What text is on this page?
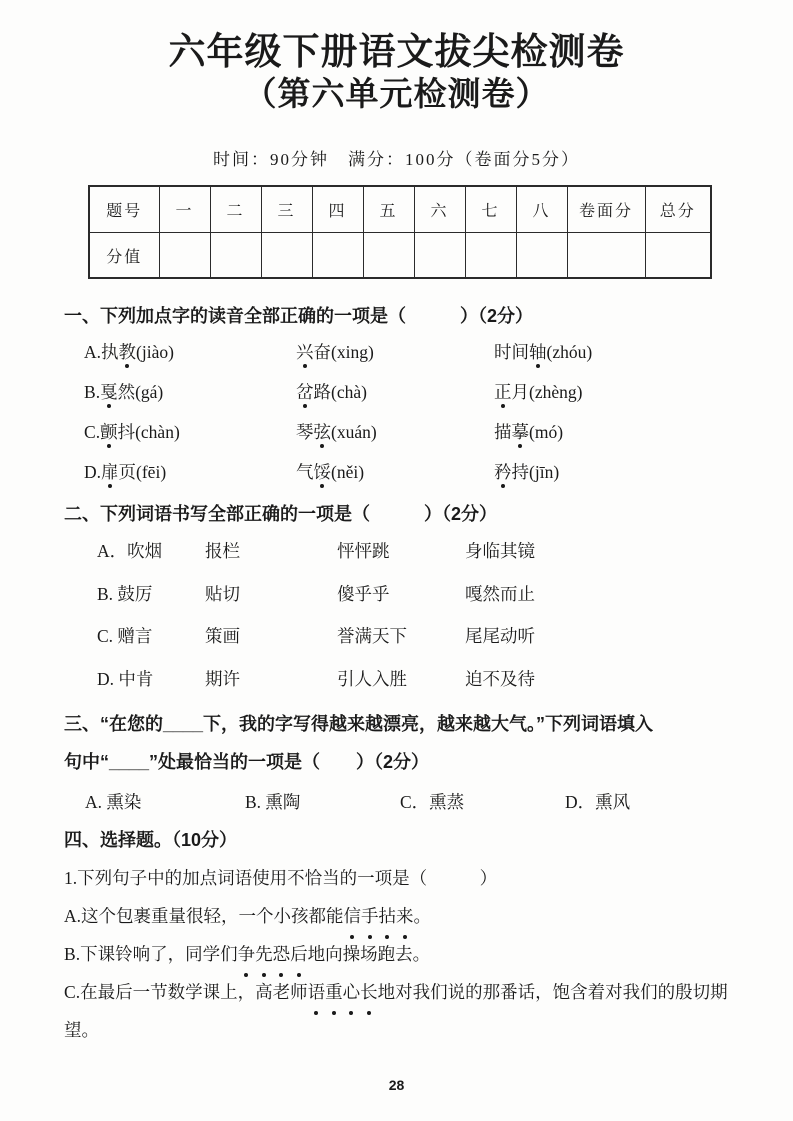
六年级下册语文拔尖检测卷
（第六单元检测卷）
时间：90分钟　满分：100分（卷面分5分）
题号	一	二	三	四	五	六	七	八	卷面分	总分
分值										
一、下列加点字的读音全部正确的一项是（　　　）（2分）
A.执教(jiào)	兴奋(xing)	时间轴(zhóu)
B.戛然(gá)	岔路(chà)	正月(zhèng)
C.颤抖(chàn)	琴弦(xuán)	描摹(mó)
D.扉页(fēi)	气馁(něi)	矜持(jīn)
二、下列词语书写全部正确的一项是（　　　）（2分）
A．吹烟	报栏	怦怦跳	身临其镜
B. 鼓厉	贴切	傻乎乎	嘎然而止
C. 赠言	策画	誉满天下	尾尾动听
D. 中肯	期许	引人入胜	迫不及待
三、“在您的____下，我的字写得越来越漂亮，越来越大气。”下列词语填入
句中“____”处最恰当的一项是（　　）（2分）
A. 熏染	B. 熏陶	C．熏蒸	D．熏风
四、选择题。（10分）
1.下列句子中的加点词语使用不恰当的一项是（　　　）
A.这个包裹重量很轻，一个小孩都能信手拈来。
B.下课铃响了，同学们争先恐后地向操场跑去。
C.在最后一节数学课上，高老师语重心长地对我们说的那番话，饱含着对我们的殷切期望。
28
